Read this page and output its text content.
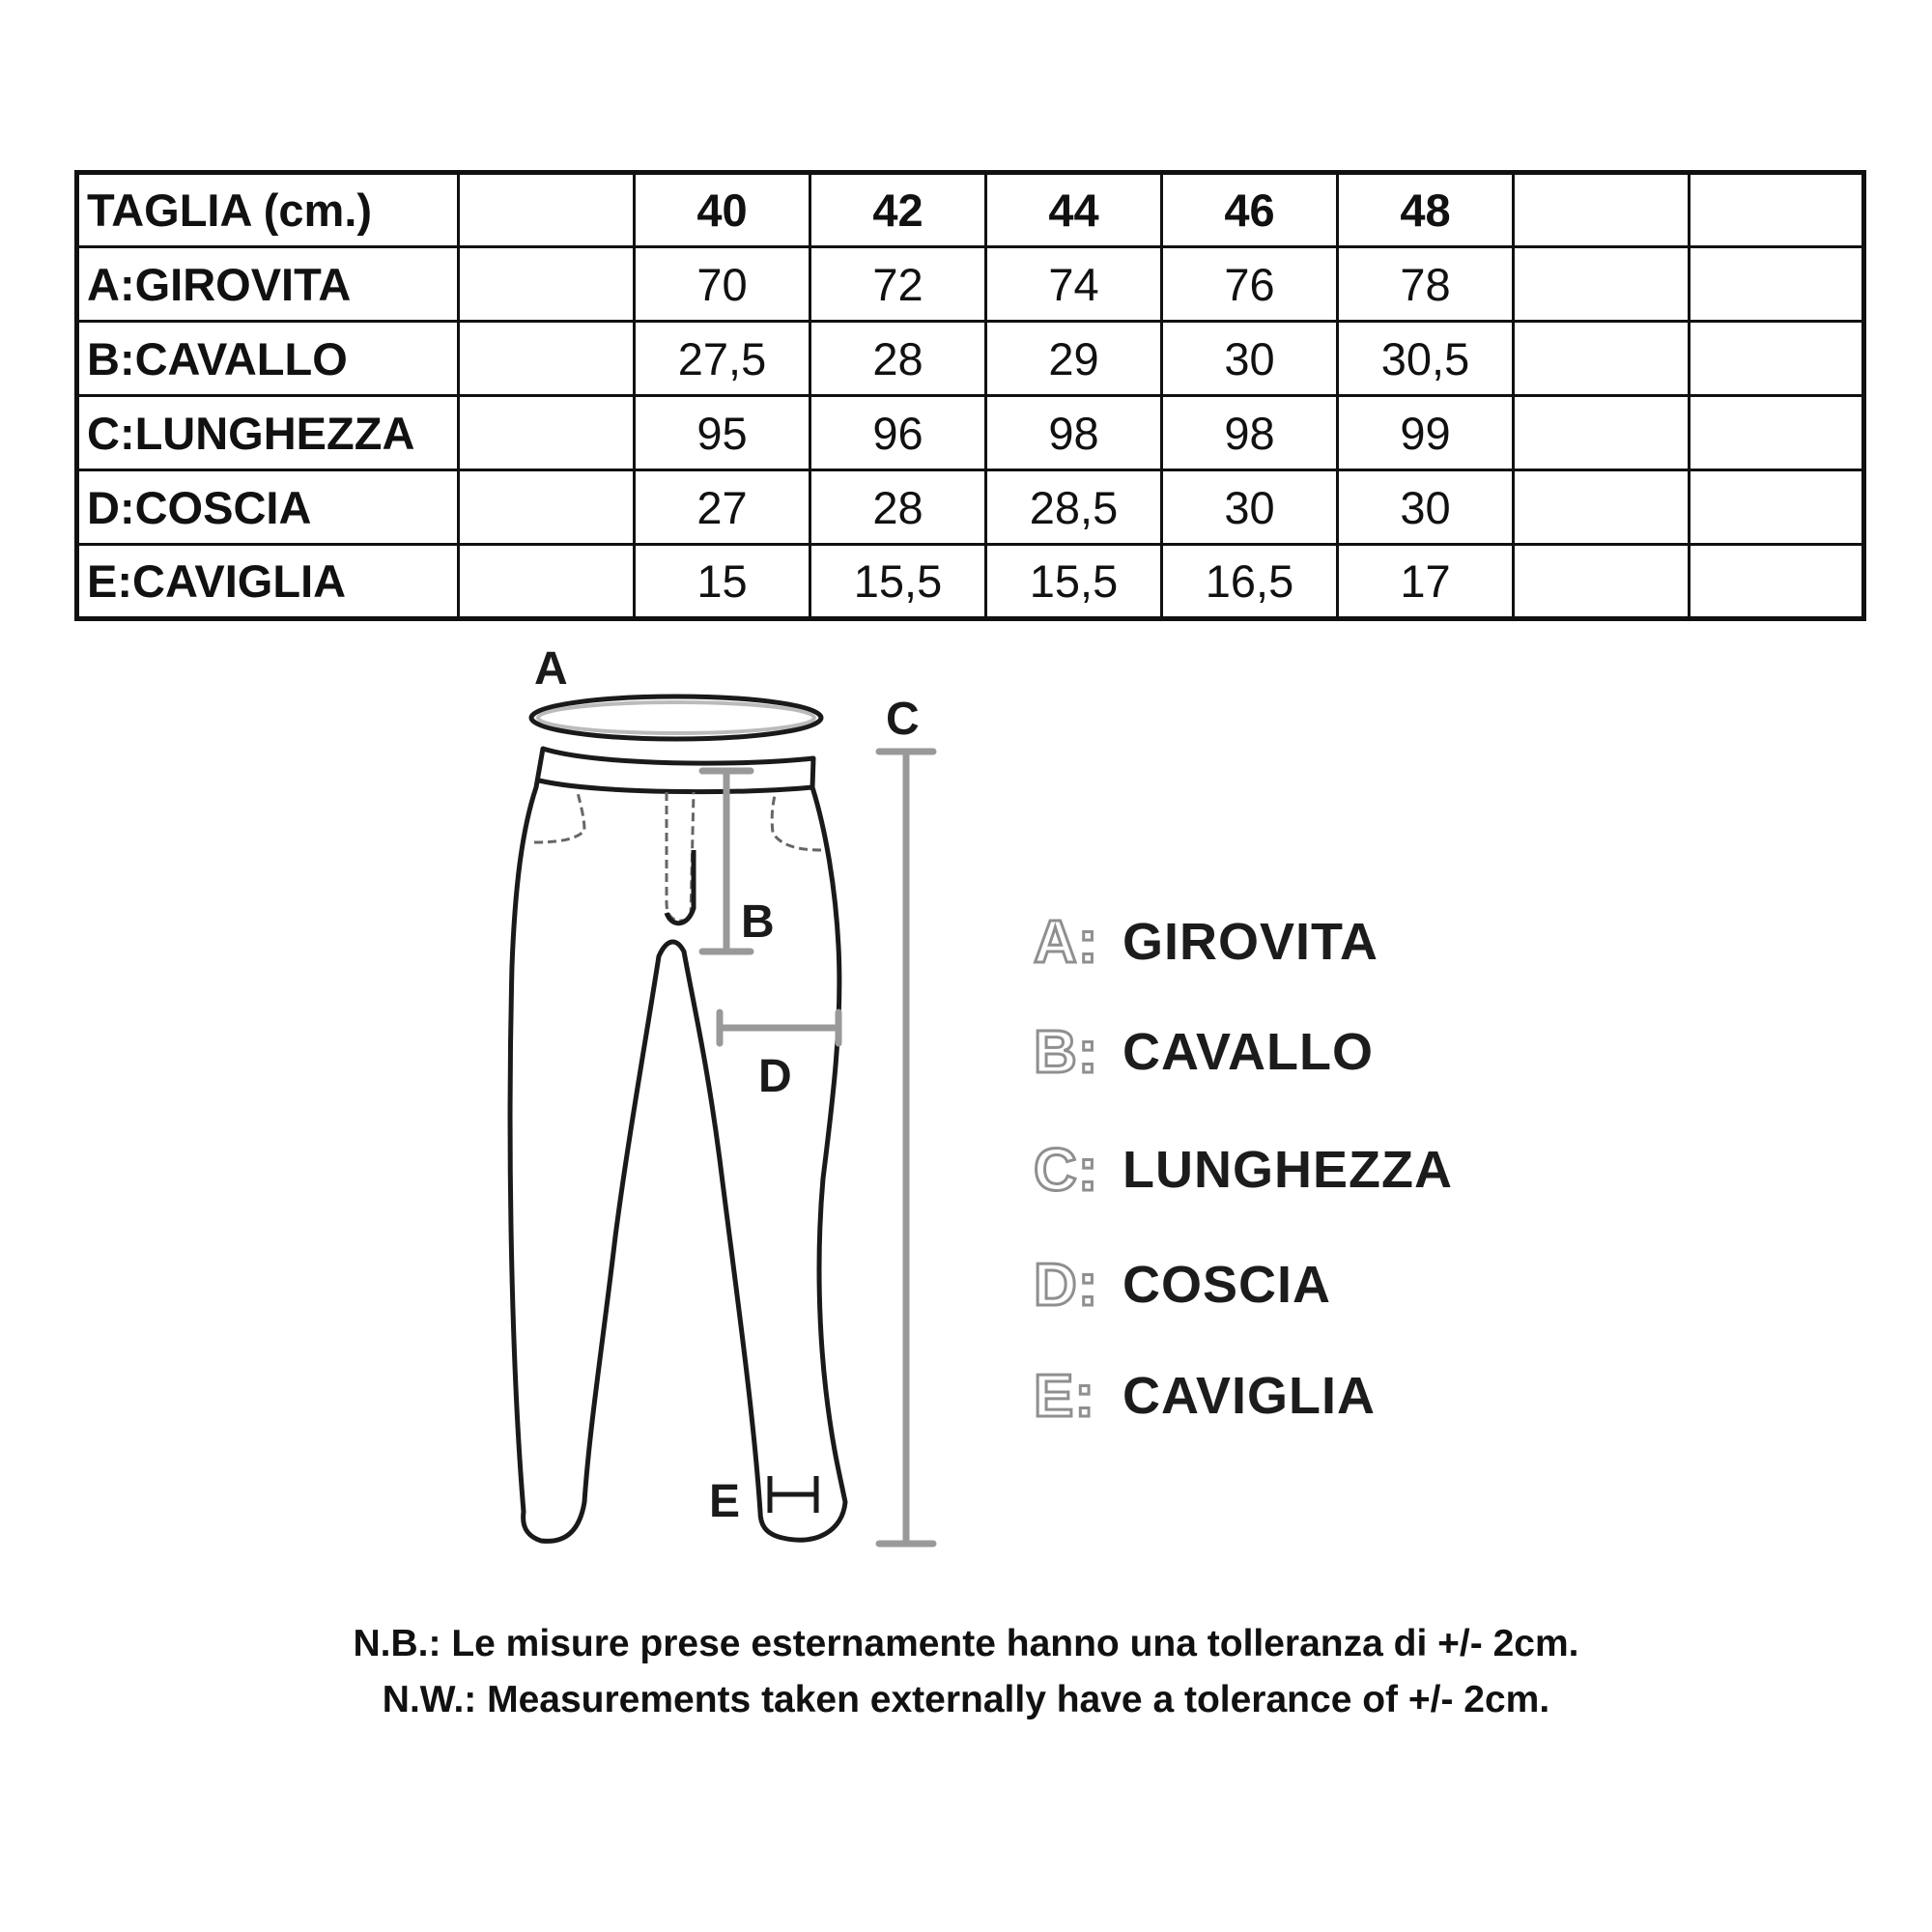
TAGLIA (cm.)		40	42	44	46	48		
A:GIROVITA		70	72	74	76	78		
B:CAVALLO		27,5	28	29	30	30,5		
C:LUNGHEZZA		95	96	98	98	99		
D:COSCIA		27	28	28,5	30	30		
E:CAVIGLIA		15	15,5	15,5	16,5	17		
A
B
C
D
E
A: GIROVITA
B: CAVALLO
C: LUNGHEZZA
D: COSCIA
E: CAVIGLIA
N.B.: Le misure prese esternamente hanno una tolleranza di +/- 2cm.
N.W.: Measurements taken externally have a tolerance of +/- 2cm.
